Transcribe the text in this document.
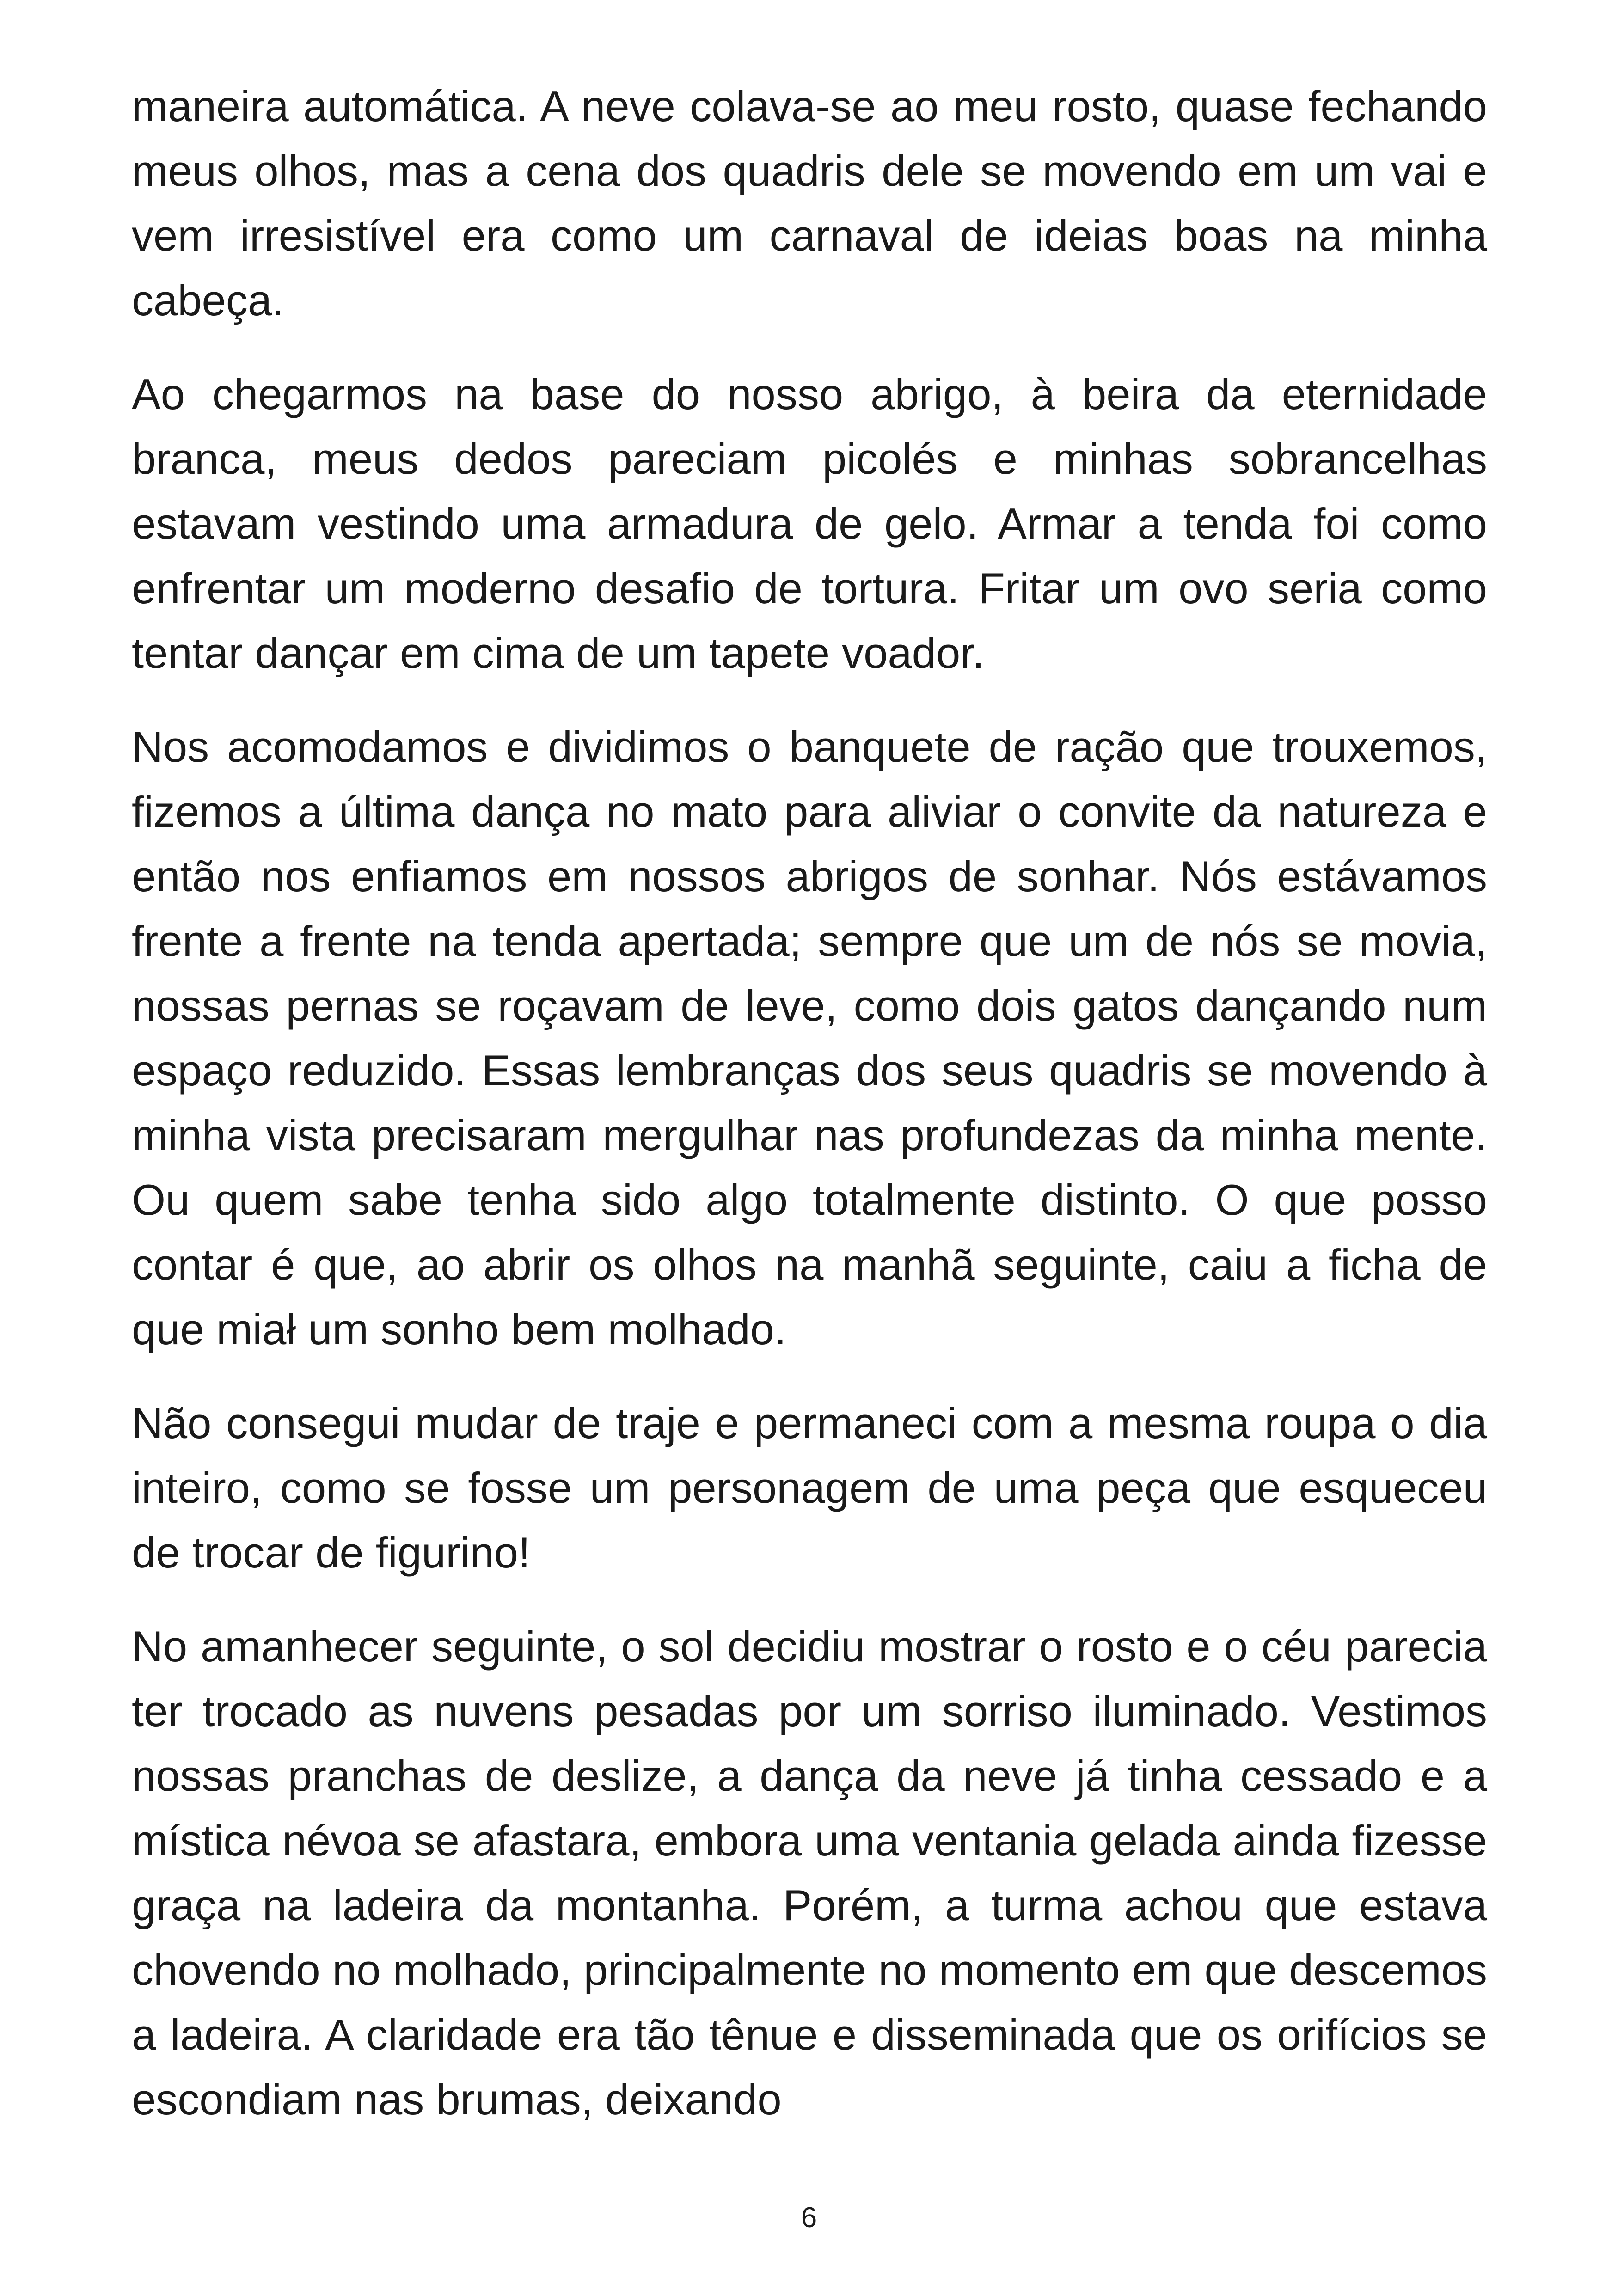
maneira automática. A neve colava-se ao meu rosto, quase fechando meus olhos, mas a cena dos quadris dele se movendo em um vai e vem irresistível era como um carnaval de ideias boas na minha cabeça.

Ao chegarmos na base do nosso abrigo, à beira da eternidade branca, meus dedos pareciam picolés e minhas sobrancelhas estavam vestindo uma armadura de gelo. Armar a tenda foi como enfrentar um moderno desafio de tortura. Fritar um ovo seria como tentar dançar em cima de um tapete voador.

Nos acomodamos e dividimos o banquete de ração que trouxemos, fizemos a última dança no mato para aliviar o convite da natureza e então nos enfiamos em nossos abrigos de sonhar. Nós estávamos frente a frente na tenda apertada; sempre que um de nós se movia, nossas pernas se roçavam de leve, como dois gatos dançando num espaço reduzido. Essas lembranças dos seus quadris se movendo à minha vista precisaram mergulhar nas profundezas da minha mente. Ou quem sabe tenha sido algo totalmente distinto. O que posso contar é que, ao abrir os olhos na manhã seguinte, caiu a ficha de que miał um sonho bem molhado.

Não consegui mudar de traje e permaneci com a mesma roupa o dia inteiro, como se fosse um personagem de uma peça que esqueceu de trocar de figurino!

No amanhecer seguinte, o sol decidiu mostrar o rosto e o céu parecia ter trocado as nuvens pesadas por um sorriso iluminado. Vestimos nossas pranchas de deslize, a dança da neve já tinha cessado e a mística névoa se afastara, embora uma ventania gelada ainda fizesse graça na ladeira da montanha. Porém, a turma achou que estava chovendo no molhado, principalmente no momento em que descemos a ladeira. A claridade era tão tênue e disseminada que os orifícios se escondiam nas brumas, deixando

6
